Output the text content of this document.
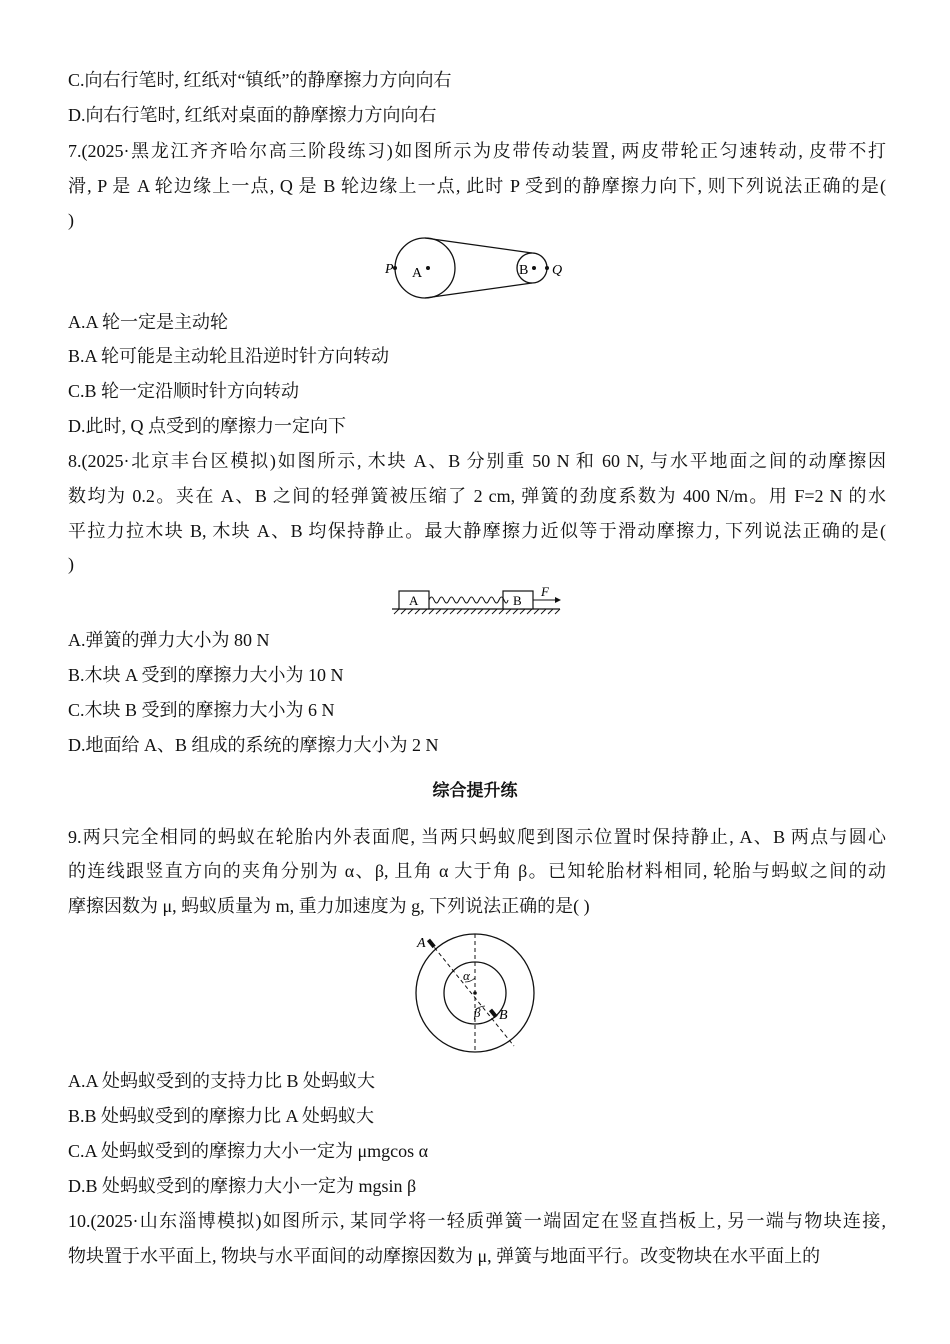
C.向右行笔时, 红纸对“镇纸”的静摩擦力方向向右
D.向右行笔时, 红纸对桌面的静摩擦力方向向右
7.(2025·黑龙江齐齐哈尔高三阶段练习)如图所示为皮带传动装置, 两皮带轮正匀速转动, 皮带不打
滑, P 是 A 轮边缘上一点, Q 是 B 轮边缘上一点, 此时 P 受到的静摩擦力向下, 则下列说法正确的是(
)
P A	B Q
A.A 轮一定是主动轮
B.A 轮可能是主动轮且沿逆时针方向转动
C.B 轮一定沿顺时针方向转动
D.此时, Q 点受到的摩擦力一定向下
8.(2025·北京丰台区模拟)如图所示, 木块 A、B 分别重 50 N 和 60 N, 与水平地面之间的动摩擦因
数均为 0.2。夹在 A、B 之间的轻弹簧被压缩了 2 cm, 弹簧的劲度系数为 400 N/m。用 F=2 N 的水
平拉力拉木块 B, 木块 A、B 均保持静止。最大静摩擦力近似等于滑动摩擦力, 下列说法正确的是(
)
A	B
F
A.弹簧的弹力大小为 80 N
B.木块 A 受到的摩擦力大小为 10 N
C.木块 B 受到的摩擦力大小为 6 N
D.地面给 A、B 组成的系统的摩擦力大小为 2 N
综合提升练
9.两只完全相同的蚂蚁在轮胎内外表面爬, 当两只蚂蚁爬到图示位置时保持静止, A、B 两点与圆心
的连线跟竖直方向的夹角分别为 α、β, 且角 α 大于角 β。已知轮胎材料相同, 轮胎与蚂蚁之间的动
摩擦因数为 μ, 蚂蚁质量为 m, 重力加速度为 g, 下列说法正确的是( )
A
B
α
β
A.A 处蚂蚁受到的支持力比 B 处蚂蚁大
B.B 处蚂蚁受到的摩擦力比 A 处蚂蚁大
C.A 处蚂蚁受到的摩擦力大小一定为 μmgcos α
D.B 处蚂蚁受到的摩擦力大小一定为 mgsin β
10.(2025·山东淄博模拟)如图所示, 某同学将一轻质弹簧一端固定在竖直挡板上, 另一端与物块连接,
物块置于水平面上, 物块与水平面间的动摩擦因数为 μ, 弹簧与地面平行。改变物块在水平面上的
